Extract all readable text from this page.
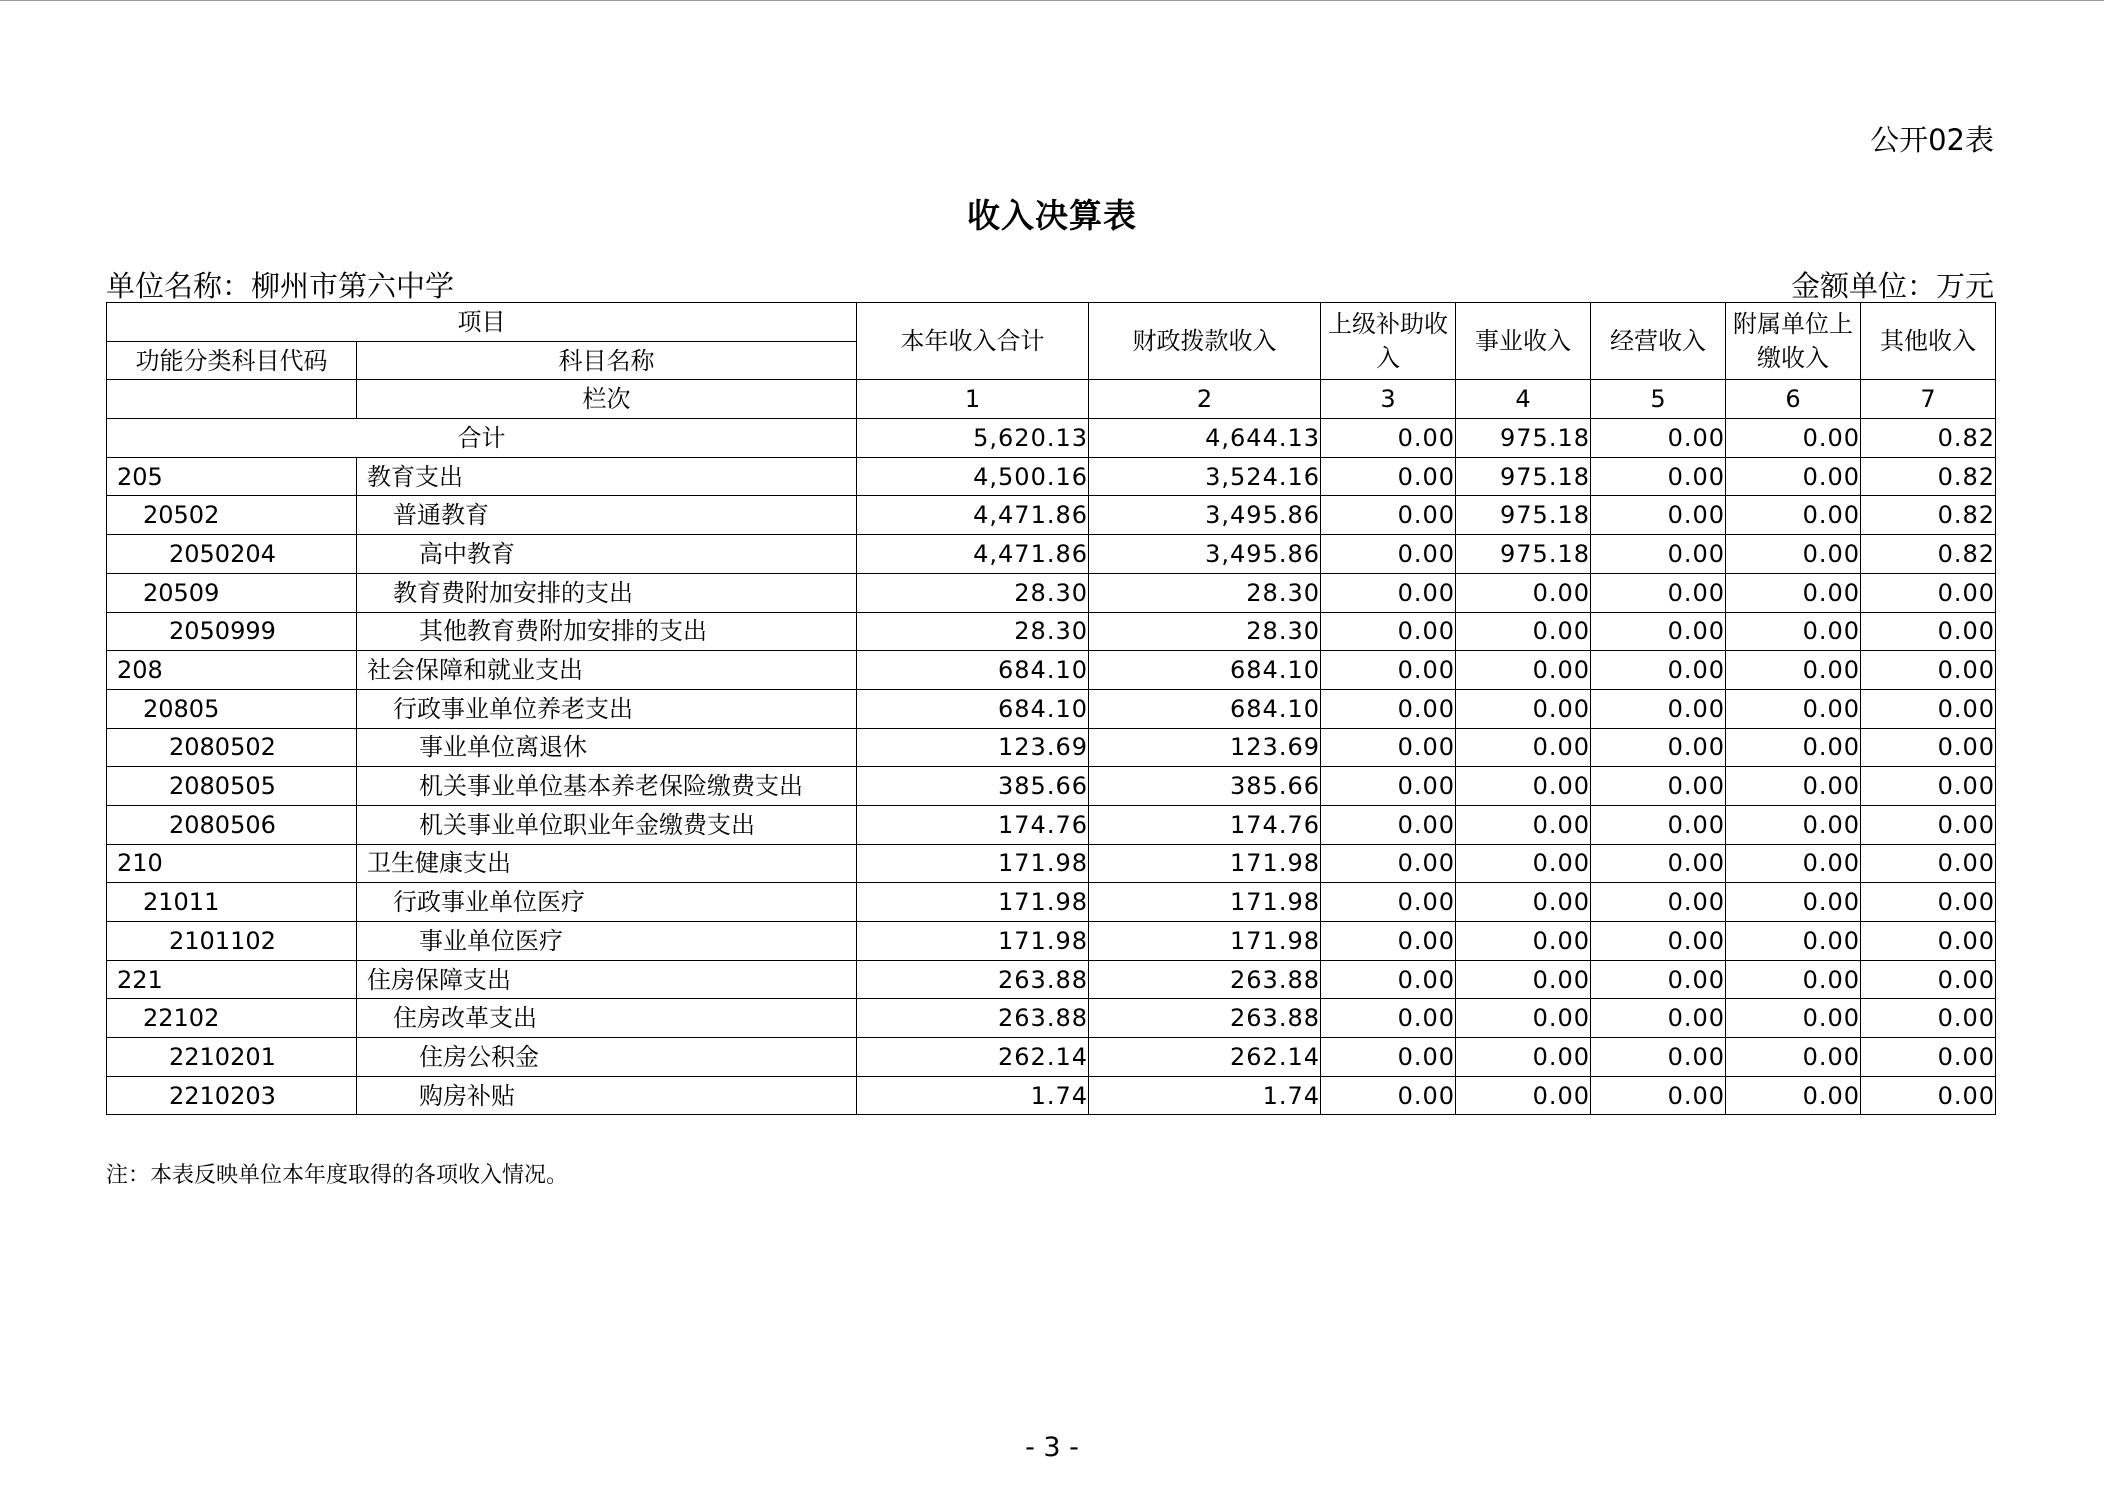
公开02表
收入决算表
单位名称：柳州市第六中学	金额单位：万元
项目		本年收入合计	财政拨款收入	上级补助收入	事业收入	经营收入	附属单位上缴收入	其他收入
功能分类科目代码	科目名称							
	栏次	1	2	3	4	5	6	7
合计		5,620.13	4,644.13	0.00	975.18	0.00	0.00	0.82
205	教育支出	4,500.16	3,524.16	0.00	975.18	0.00	0.00	0.82
20502	普通教育	4,471.86	3,495.86	0.00	975.18	0.00	0.00	0.82
2050204	高中教育	4,471.86	3,495.86	0.00	975.18	0.00	0.00	0.82
20509	教育费附加安排的支出	28.30	28.30	0.00	0.00	0.00	0.00	0.00
2050999	其他教育费附加安排的支出	28.30	28.30	0.00	0.00	0.00	0.00	0.00
208	社会保障和就业支出	684.10	684.10	0.00	0.00	0.00	0.00	0.00
20805	行政事业单位养老支出	684.10	684.10	0.00	0.00	0.00	0.00	0.00
2080502	事业单位离退休	123.69	123.69	0.00	0.00	0.00	0.00	0.00
2080505	机关事业单位基本养老保险缴费支出	385.66	385.66	0.00	0.00	0.00	0.00	0.00
2080506	机关事业单位职业年金缴费支出	174.76	174.76	0.00	0.00	0.00	0.00	0.00
210	卫生健康支出	171.98	171.98	0.00	0.00	0.00	0.00	0.00
21011	行政事业单位医疗	171.98	171.98	0.00	0.00	0.00	0.00	0.00
2101102	事业单位医疗	171.98	171.98	0.00	0.00	0.00	0.00	0.00
221	住房保障支出	263.88	263.88	0.00	0.00	0.00	0.00	0.00
22102	住房改革支出	263.88	263.88	0.00	0.00	0.00	0.00	0.00
2210201	住房公积金	262.14	262.14	0.00	0.00	0.00	0.00	0.00
2210203	购房补贴	1.74	1.74	0.00	0.00	0.00	0.00	0.00
注：本表反映单位本年度取得的各项收入情况。
- 3 -
